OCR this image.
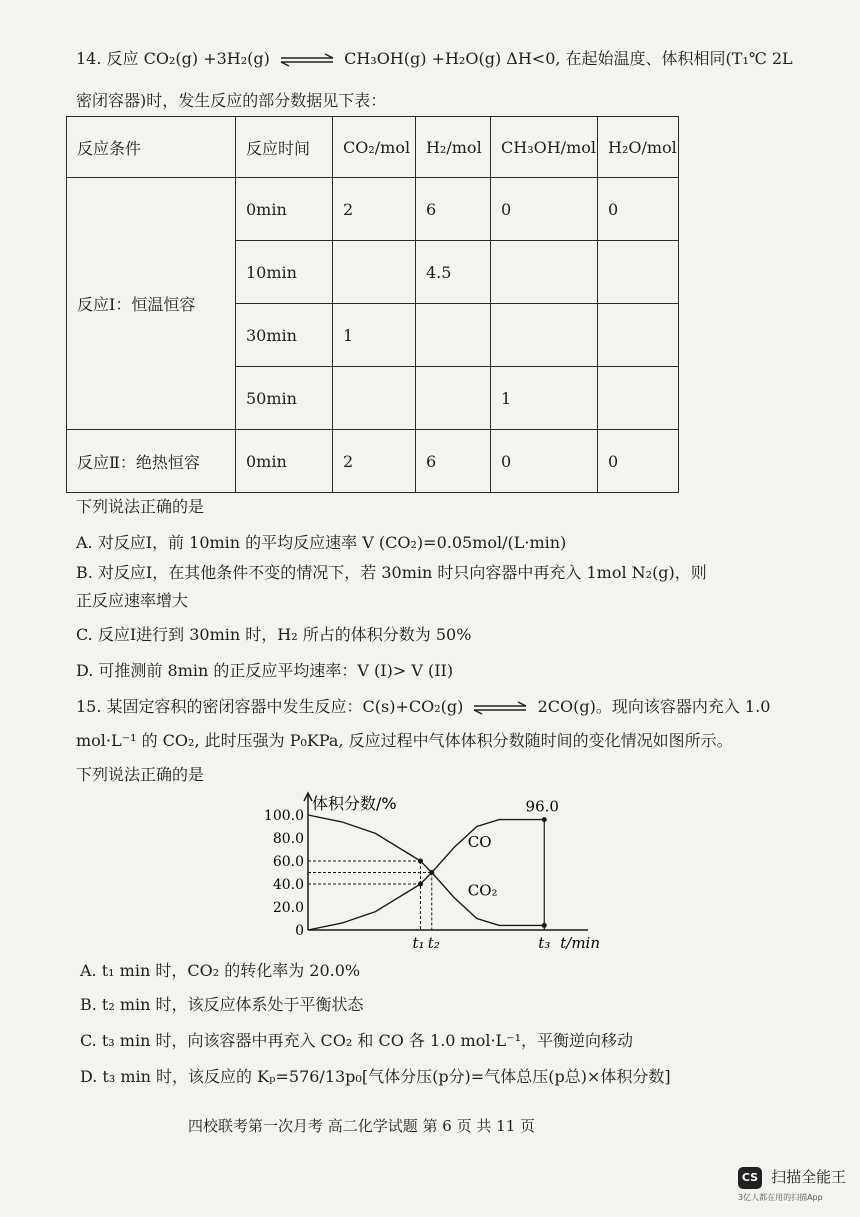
14. 反应 CO₂(g) +3H₂(g) ⇌ CH₃OH(g) +H₂O(g) ΔH<0, 在起始温度、体积相同(T₁℃ 2L
密闭容器)时，发生反应的部分数据见下表：
反应条件	反应时间	CO₂/mol	H₂/mol	CH₃OH/mol	H₂O/mol
反应Ⅰ：恒温恒容	0min	2	6	0	0
	10min		4.5		
	30min	1			
	50min			1	
反应Ⅱ：绝热恒容	0min	2	6	0	0
下列说法正确的是
A. 对反应Ⅰ，前 10min 的平均反应速率 V (CO₂)=0.05mol/(L·min)
B. 对反应Ⅰ，在其他条件不变的情况下，若 30min 时只向容器中再充入 1mol N₂(g)，则
正反应速率增大
C. 反应Ⅰ进行到 30min 时，H₂ 所占的体积分数为 50%
D. 可推测前 8min 的正反应平均速率：V (I)> V (II)
15. 某固定容积的密闭容器中发生反应：C(s)+CO₂(g) ⇌ 2CO(g)。现向该容器内充入 1.0
mol·L⁻¹ 的 CO₂, 此时压强为 P₀KPa, 反应过程中气体体积分数随时间的变化情况如图所示。
下列说法正确的是
体积分数/%
100.0
80.0
60.0
40.0
20.0
0
96.0
CO
CO₂
t₁ t₂	t₃ t/min
A. t₁ min 时，CO₂ 的转化率为 20.0%
B. t₂ min 时，该反应体系处于平衡状态
C. t₃ min 时，向该容器中再充入 CO₂ 和 CO 各 1.0 mol·L⁻¹，平衡逆向移动
D. t₃ min 时，该反应的 Kₚ=576/13p₀[气体分压(p分)=气体总压(p总)×体积分数]
四校联考第一次月考 高二化学试题 第 6 页 共 11 页
CS 扫描全能王
3亿人都在用的扫描App
